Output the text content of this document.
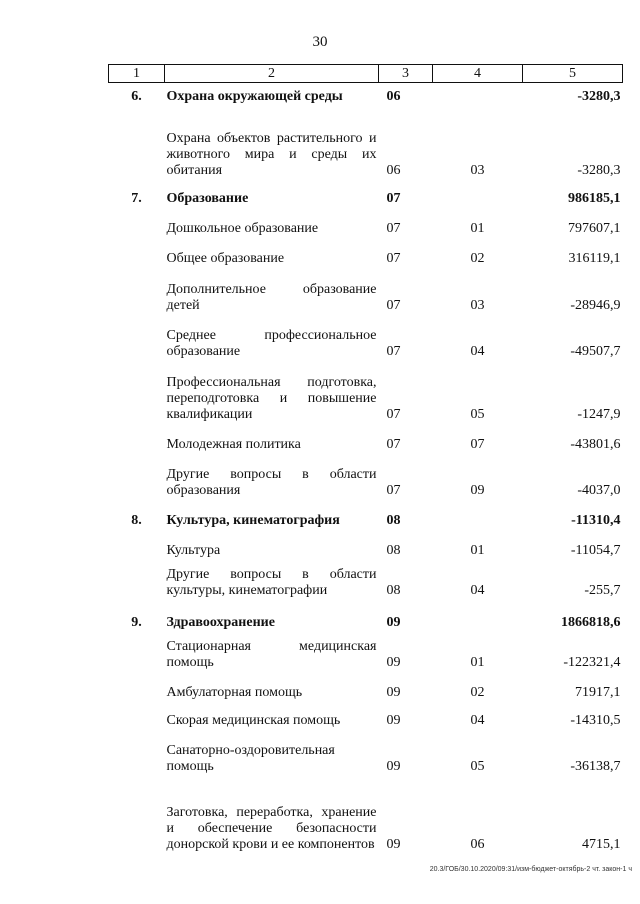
30
1	2	3	4	5
6.	Охрана окружающей среды	06		-3280,3
	Охрана объектов растительного и животного мира и среды их обитания	06	03	-3280,3
7.	Образование	07		986185,1
	Дошкольное образование	07	01	797607,1
	Общее образование	07	02	316119,1
	Дополнительное образование детей	07	03	-28946,9
	Среднее профессиональное образование	07	04	-49507,7
	Профессиональная подготовка, переподготовка и повышение квалификации	07	05	-1247,9
	Молодежная политика	07	07	-43801,6
	Другие вопросы в области образования	07	09	-4037,0
8.	Культура, кинематография	08		-11310,4
	Культура	08	01	-11054,7
	Другие вопросы в области культуры, кинематографии	08	04	-255,7
9.	Здравоохранение	09		1866818,6
	Стационарная медицинская помощь	09	01	-122321,4
	Амбулаторная помощь	09	02	71917,1
	Скорая медицинская помощь	09	04	-14310,5
	Санаторно-оздоровительная помощь	09	05	-36138,7
	Заготовка, переработка, хранение и обеспечение безопасности донорской крови и ее компонентов	09	06	4715,1
20.3/ГОБ/30.10.2020/09:31/изм-бюджет-октябрь-2 чт. закон-1 ч
